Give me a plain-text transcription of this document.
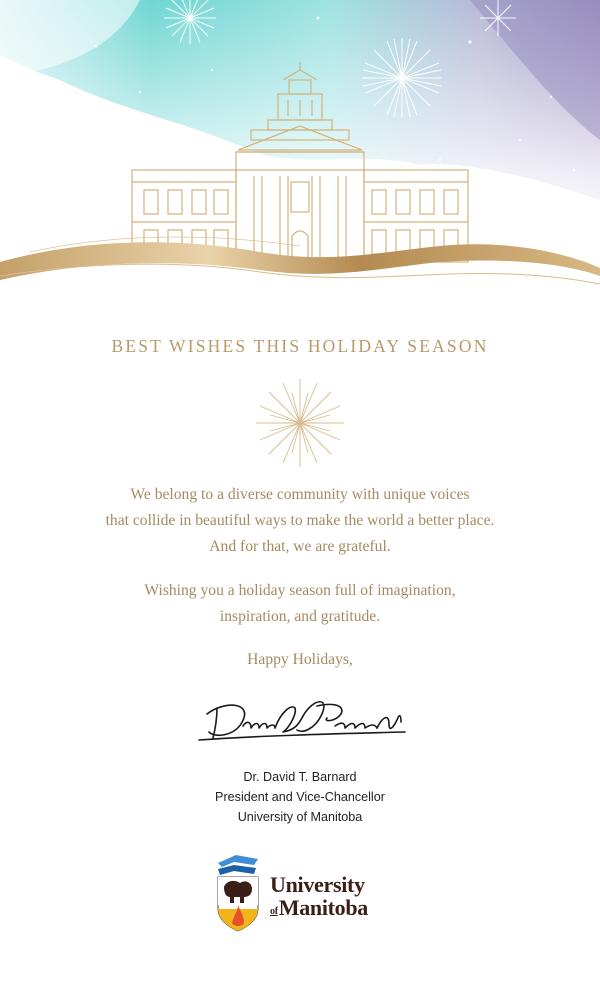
BEST WISHES THIS HOLIDAY SEASON
We belong to a diverse community with unique voices
that collide in beautiful ways to make the world a better place.
And for that, we are grateful.
Wishing you a holiday season full of imagination,
inspiration, and gratitude.
Happy Holidays,
Dr. David T. Barnard
President and Vice-Chancellor
University of Manitoba
University
ofManitoba
